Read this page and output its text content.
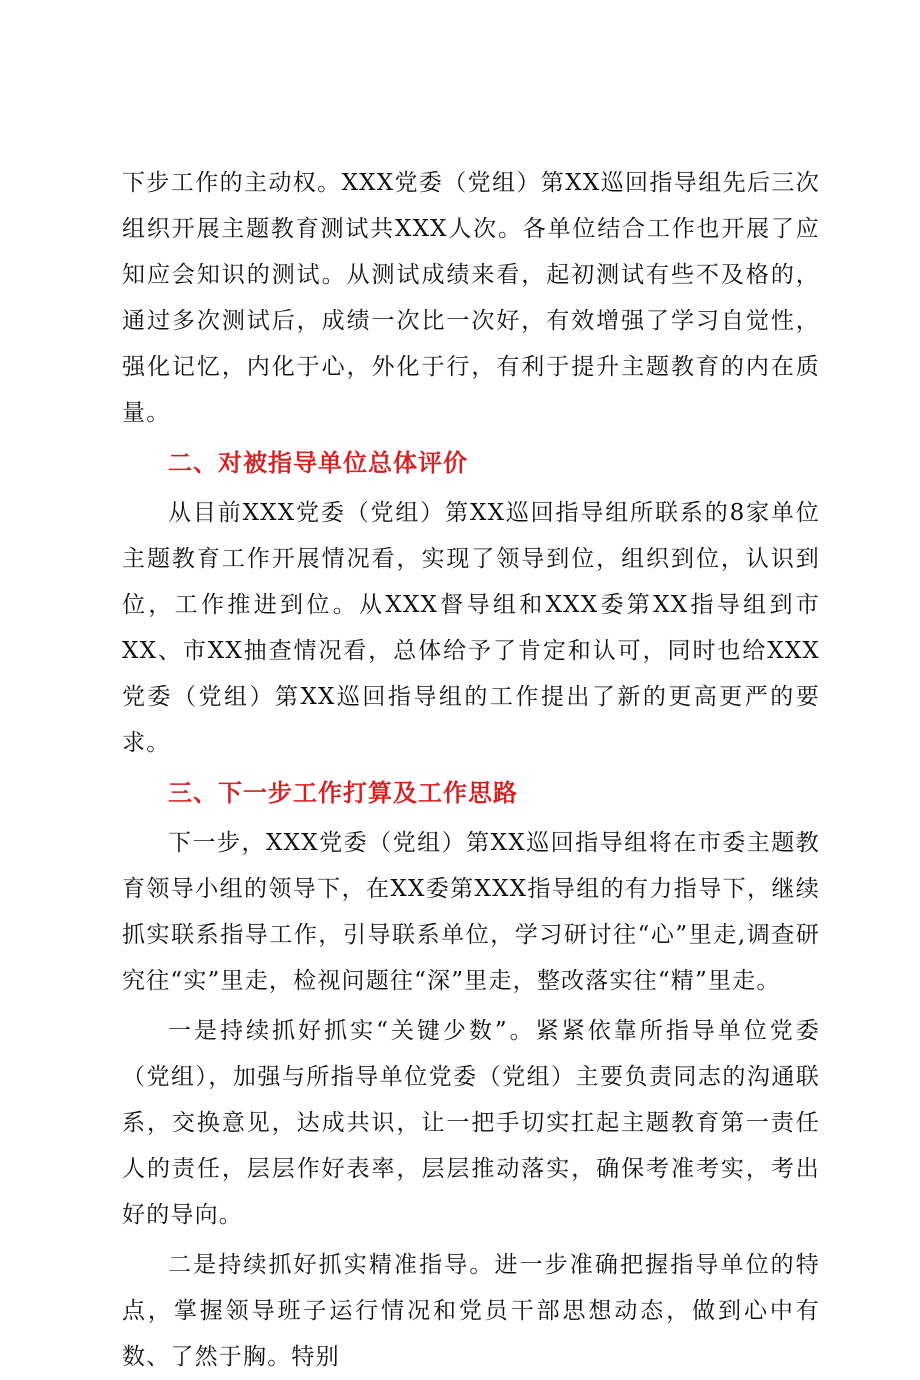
下步工作的主动权。XXX党委（党组）第XX巡回指导组先后三次组织开展主题教育测试共XXX人次。各单位结合工作也开展了应知应会知识的测试。从测试成绩来看，起初测试有些不及格的，通过多次测试后，成绩一次比一次好，有效增强了学习自觉性，强化记忆，内化于心，外化于行，有利于提升主题教育的内在质量。

二、对被指导单位总体评价

从目前XXX党委（党组）第XX巡回指导组所联系的8家单位主题教育工作开展情况看，实现了领导到位，组织到位，认识到位，工作推进到位。从XXX督导组和XXX委第XX指导组到市XX、市XX抽查情况看，总体给予了肯定和认可，同时也给XXX党委（党组）第XX巡回指导组的工作提出了新的更高更严的要求。

三、下一步工作打算及工作思路

下一步，XXX党委（党组）第XX巡回指导组将在市委主题教育领导小组的领导下，在XX委第XXX指导组的有力指导下，继续抓实联系指导工作，引导联系单位，学习研讨往“心”里走,调查研究往“实”里走，检视问题往“深”里走，整改落实往“精”里走。

一是持续抓好抓实“关键少数”。紧紧依靠所指导单位党委（党组），加强与所指导单位党委（党组）主要负责同志的沟通联系，交换意见，达成共识，让一把手切实扛起主题教育第一责任人的责任，层层作好表率，层层推动落实，确保考准考实，考出好的导向。

二是持续抓好抓实精准指导。进一步准确把握指导单位的特点，掌握领导班子运行情况和党员干部思想动态，做到心中有数、了然于胸。特别
